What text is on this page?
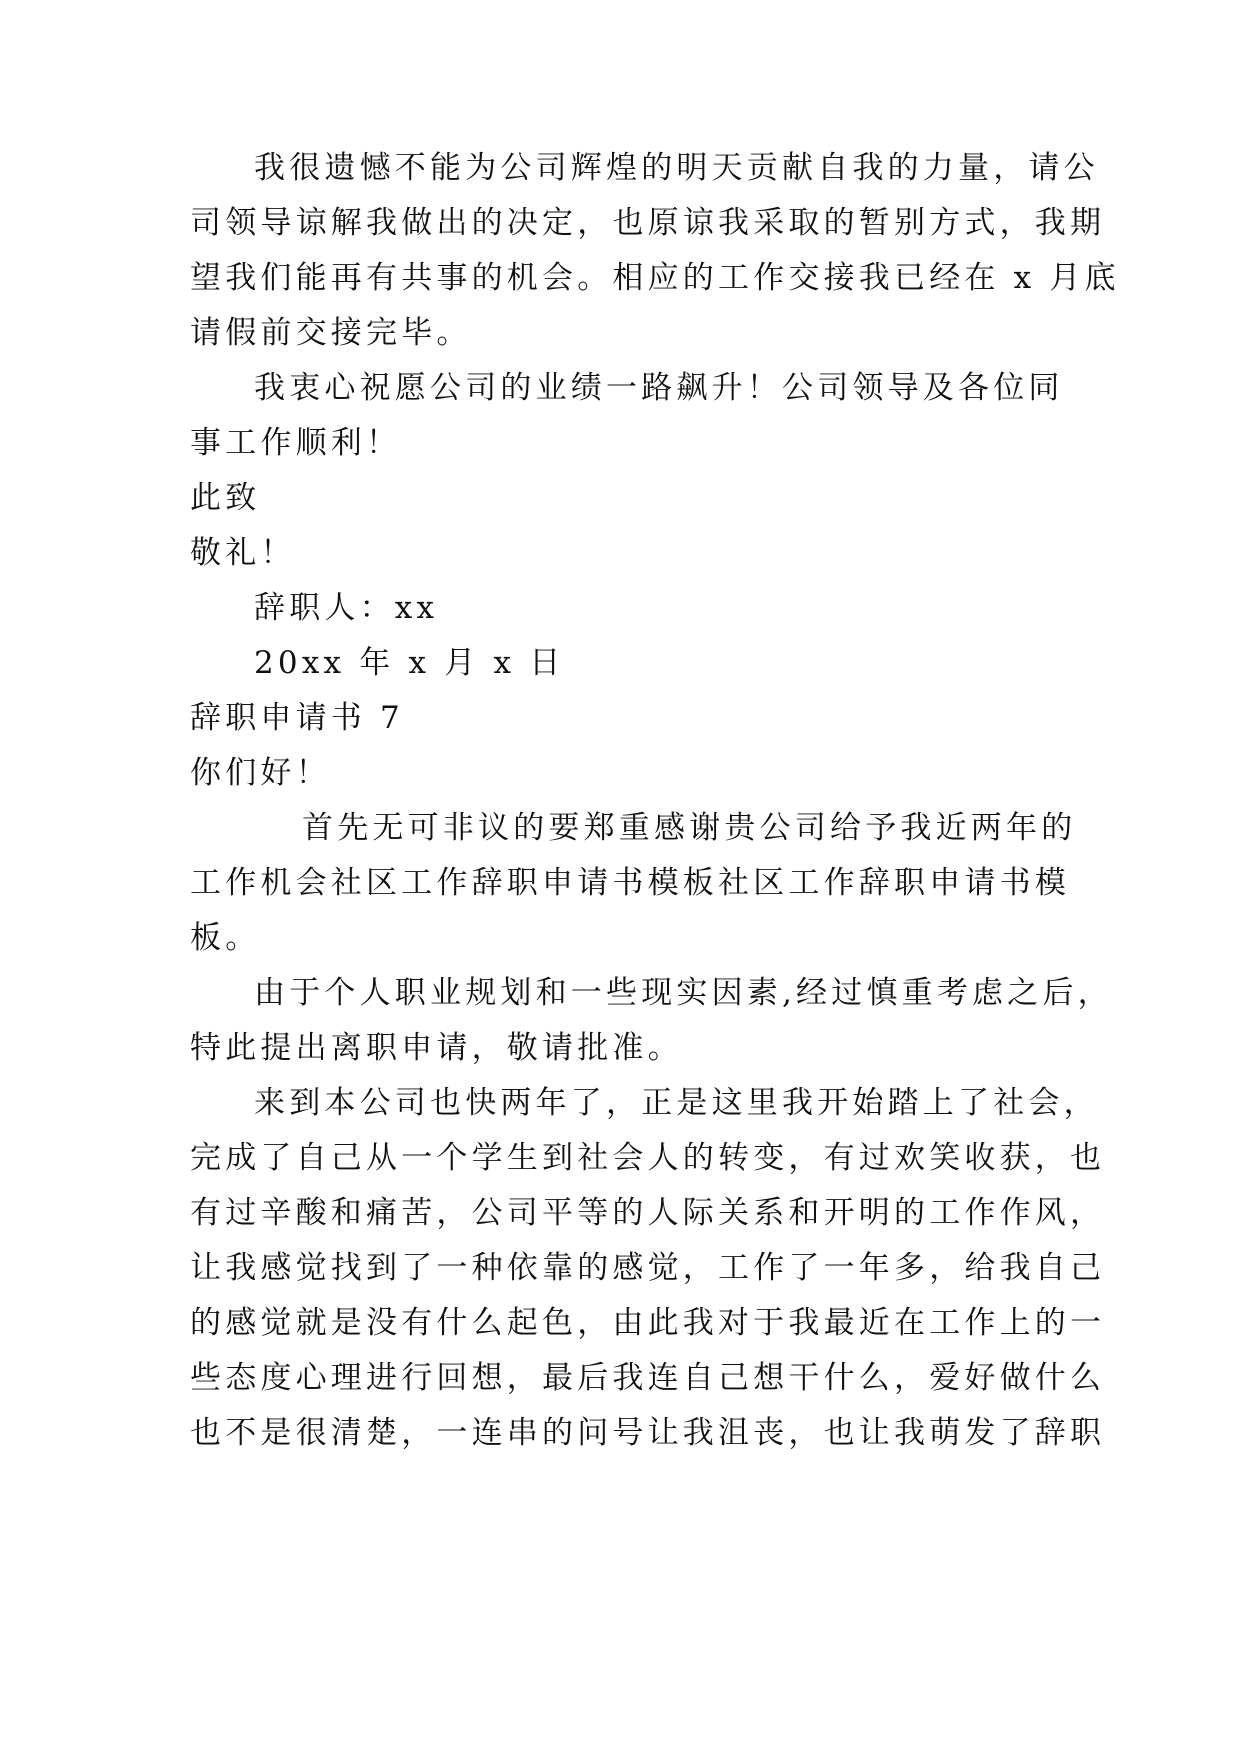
我很遗憾不能为公司辉煌的明天贡献自我的力量，请公
司领导谅解我做出的决定，也原谅我采取的暂别方式，我期
望我们能再有共事的机会。相应的工作交接我已经在 x 月底
请假前交接完毕。
我衷心祝愿公司的业绩一路飙升！公司领导及各位同
事工作顺利！
此致
敬礼！
辞职人：xx
20xx 年 x 月 x 日
辞职申请书 7
你们好！
首先无可非议的要郑重感谢贵公司给予我近两年的
工作机会社区工作辞职申请书模板社区工作辞职申请书模
板。
由于个人职业规划和一些现实因素,经过慎重考虑之后，
特此提出离职申请，敬请批准。
来到本公司也快两年了，正是这里我开始踏上了社会，
完成了自己从一个学生到社会人的转变，有过欢笑收获，也
有过辛酸和痛苦，公司平等的人际关系和开明的工作作风，
让我感觉找到了一种依靠的感觉，工作了一年多，给我自己
的感觉就是没有什么起色，由此我对于我最近在工作上的一
些态度心理进行回想，最后我连自己想干什么，爱好做什么
也不是很清楚，一连串的问号让我沮丧，也让我萌发了辞职
